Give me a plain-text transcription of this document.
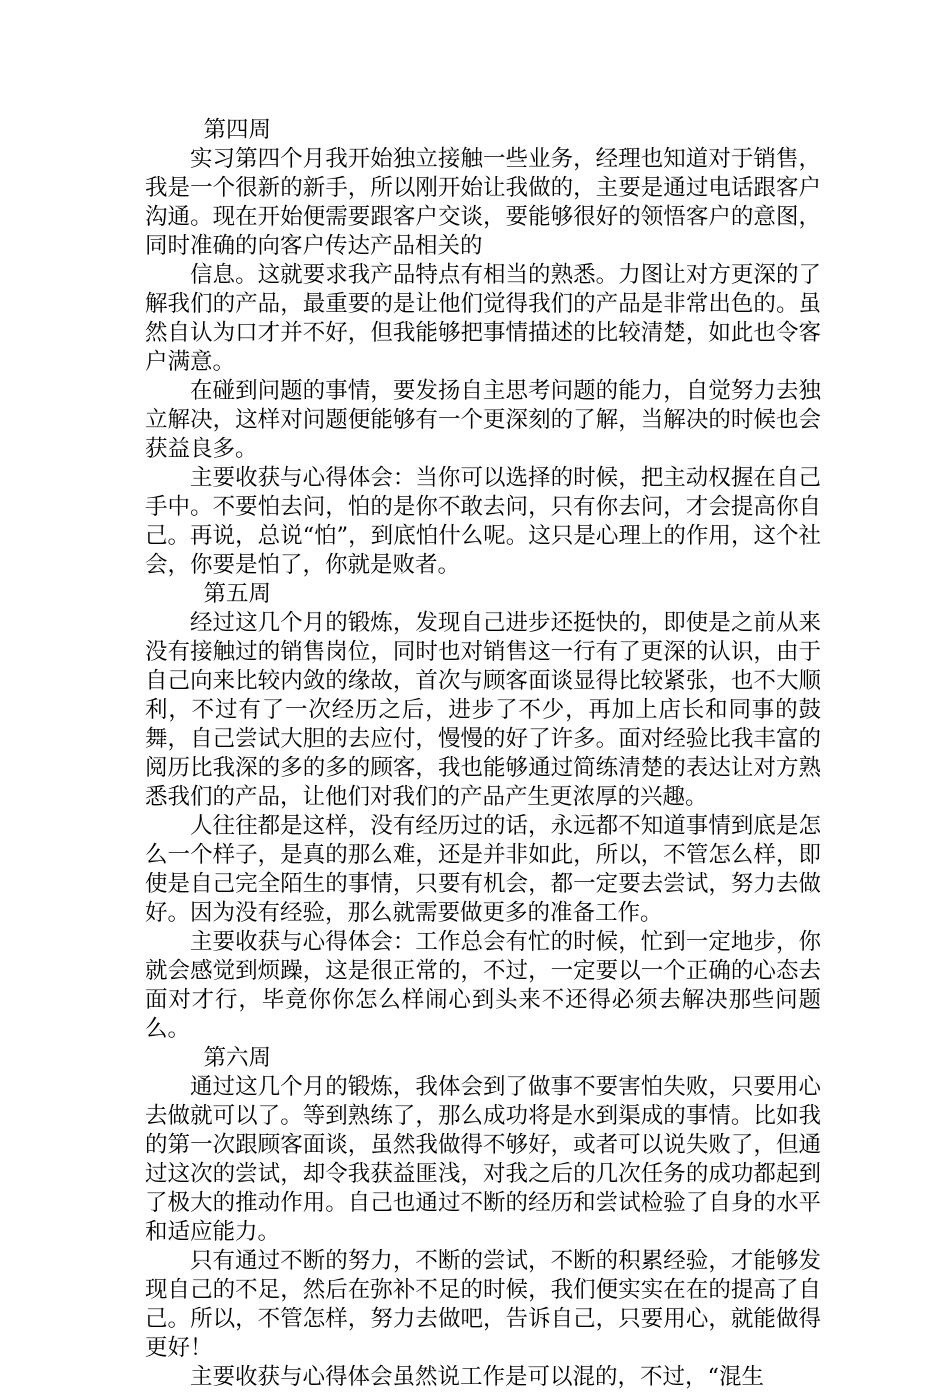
第四周

实习第四个月我开始独立接触一些业务，经理也知道对于销售，我是一个很新的新手，所以刚开始让我做的，主要是通过电话跟客户沟通。现在开始便需要跟客户交谈，要能够很好的领悟客户的意图，同时准确的向客户传达产品相关的

信息。这就要求我产品特点有相当的熟悉。力图让对方更深的了解我们的产品，最重要的是让他们觉得我们的产品是非常出色的。虽然自认为口才并不好，但我能够把事情描述的比较清楚，如此也令客户满意。

在碰到问题的事情，要发扬自主思考问题的能力，自觉努力去独立解决，这样对问题便能够有一个更深刻的了解，当解决的时候也会获益良多。

主要收获与心得体会：当你可以选择的时候，把主动权握在自己手中。不要怕去问，怕的是你不敢去问，只有你去问，才会提高你自己。再说，总说“怕”，到底怕什么呢。这只是心理上的作用，这个社会，你要是怕了，你就是败者。

第五周

经过这几个月的锻炼，发现自己进步还挺快的，即使是之前从来没有接触过的销售岗位，同时也对销售这一行有了更深的认识，由于自己向来比较内敛的缘故，首次与顾客面谈显得比较紧张，也不大顺利，不过有了一次经历之后，进步了不少，再加上店长和同事的鼓舞，自己尝试大胆的去应付，慢慢的好了许多。面对经验比我丰富的阅历比我深的多的多的顾客，我也能够通过简练清楚的表达让对方熟悉我们的产品，让他们对我们的产品产生更浓厚的兴趣。

人往往都是这样，没有经历过的话，永远都不知道事情到底是怎么一个样子，是真的那么难，还是并非如此，所以，不管怎么样，即使是自己完全陌生的事情，只要有机会，都一定要去尝试，努力去做好。因为没有经验，那么就需要做更多的准备工作。

主要收获与心得体会：工作总会有忙的时候，忙到一定地步，你就会感觉到烦躁，这是很正常的，不过，一定要以一个正确的心态去面对才行，毕竟你你怎么样闹心到头来不还得必须去解决那些问题么。

第六周

通过这几个月的锻炼，我体会到了做事不要害怕失败，只要用心去做就可以了。等到熟练了，那么成功将是水到渠成的事情。比如我的第一次跟顾客面谈，虽然我做得不够好，或者可以说失败了，但通过这次的尝试，却令我获益匪浅，对我之后的几次任务的成功都起到了极大的推动作用。自己也通过不断的经历和尝试检验了自身的水平和适应能力。

只有通过不断的努力，不断的尝试，不断的积累经验，才能够发现自己的不足，然后在弥补不足的时候，我们便实实在在的提高了自己。所以，不管怎样，努力去做吧，告诉自己，只要用心，就能做得更好！

主要收获与心得体会虽然说工作是可以混的，不过，“混生
